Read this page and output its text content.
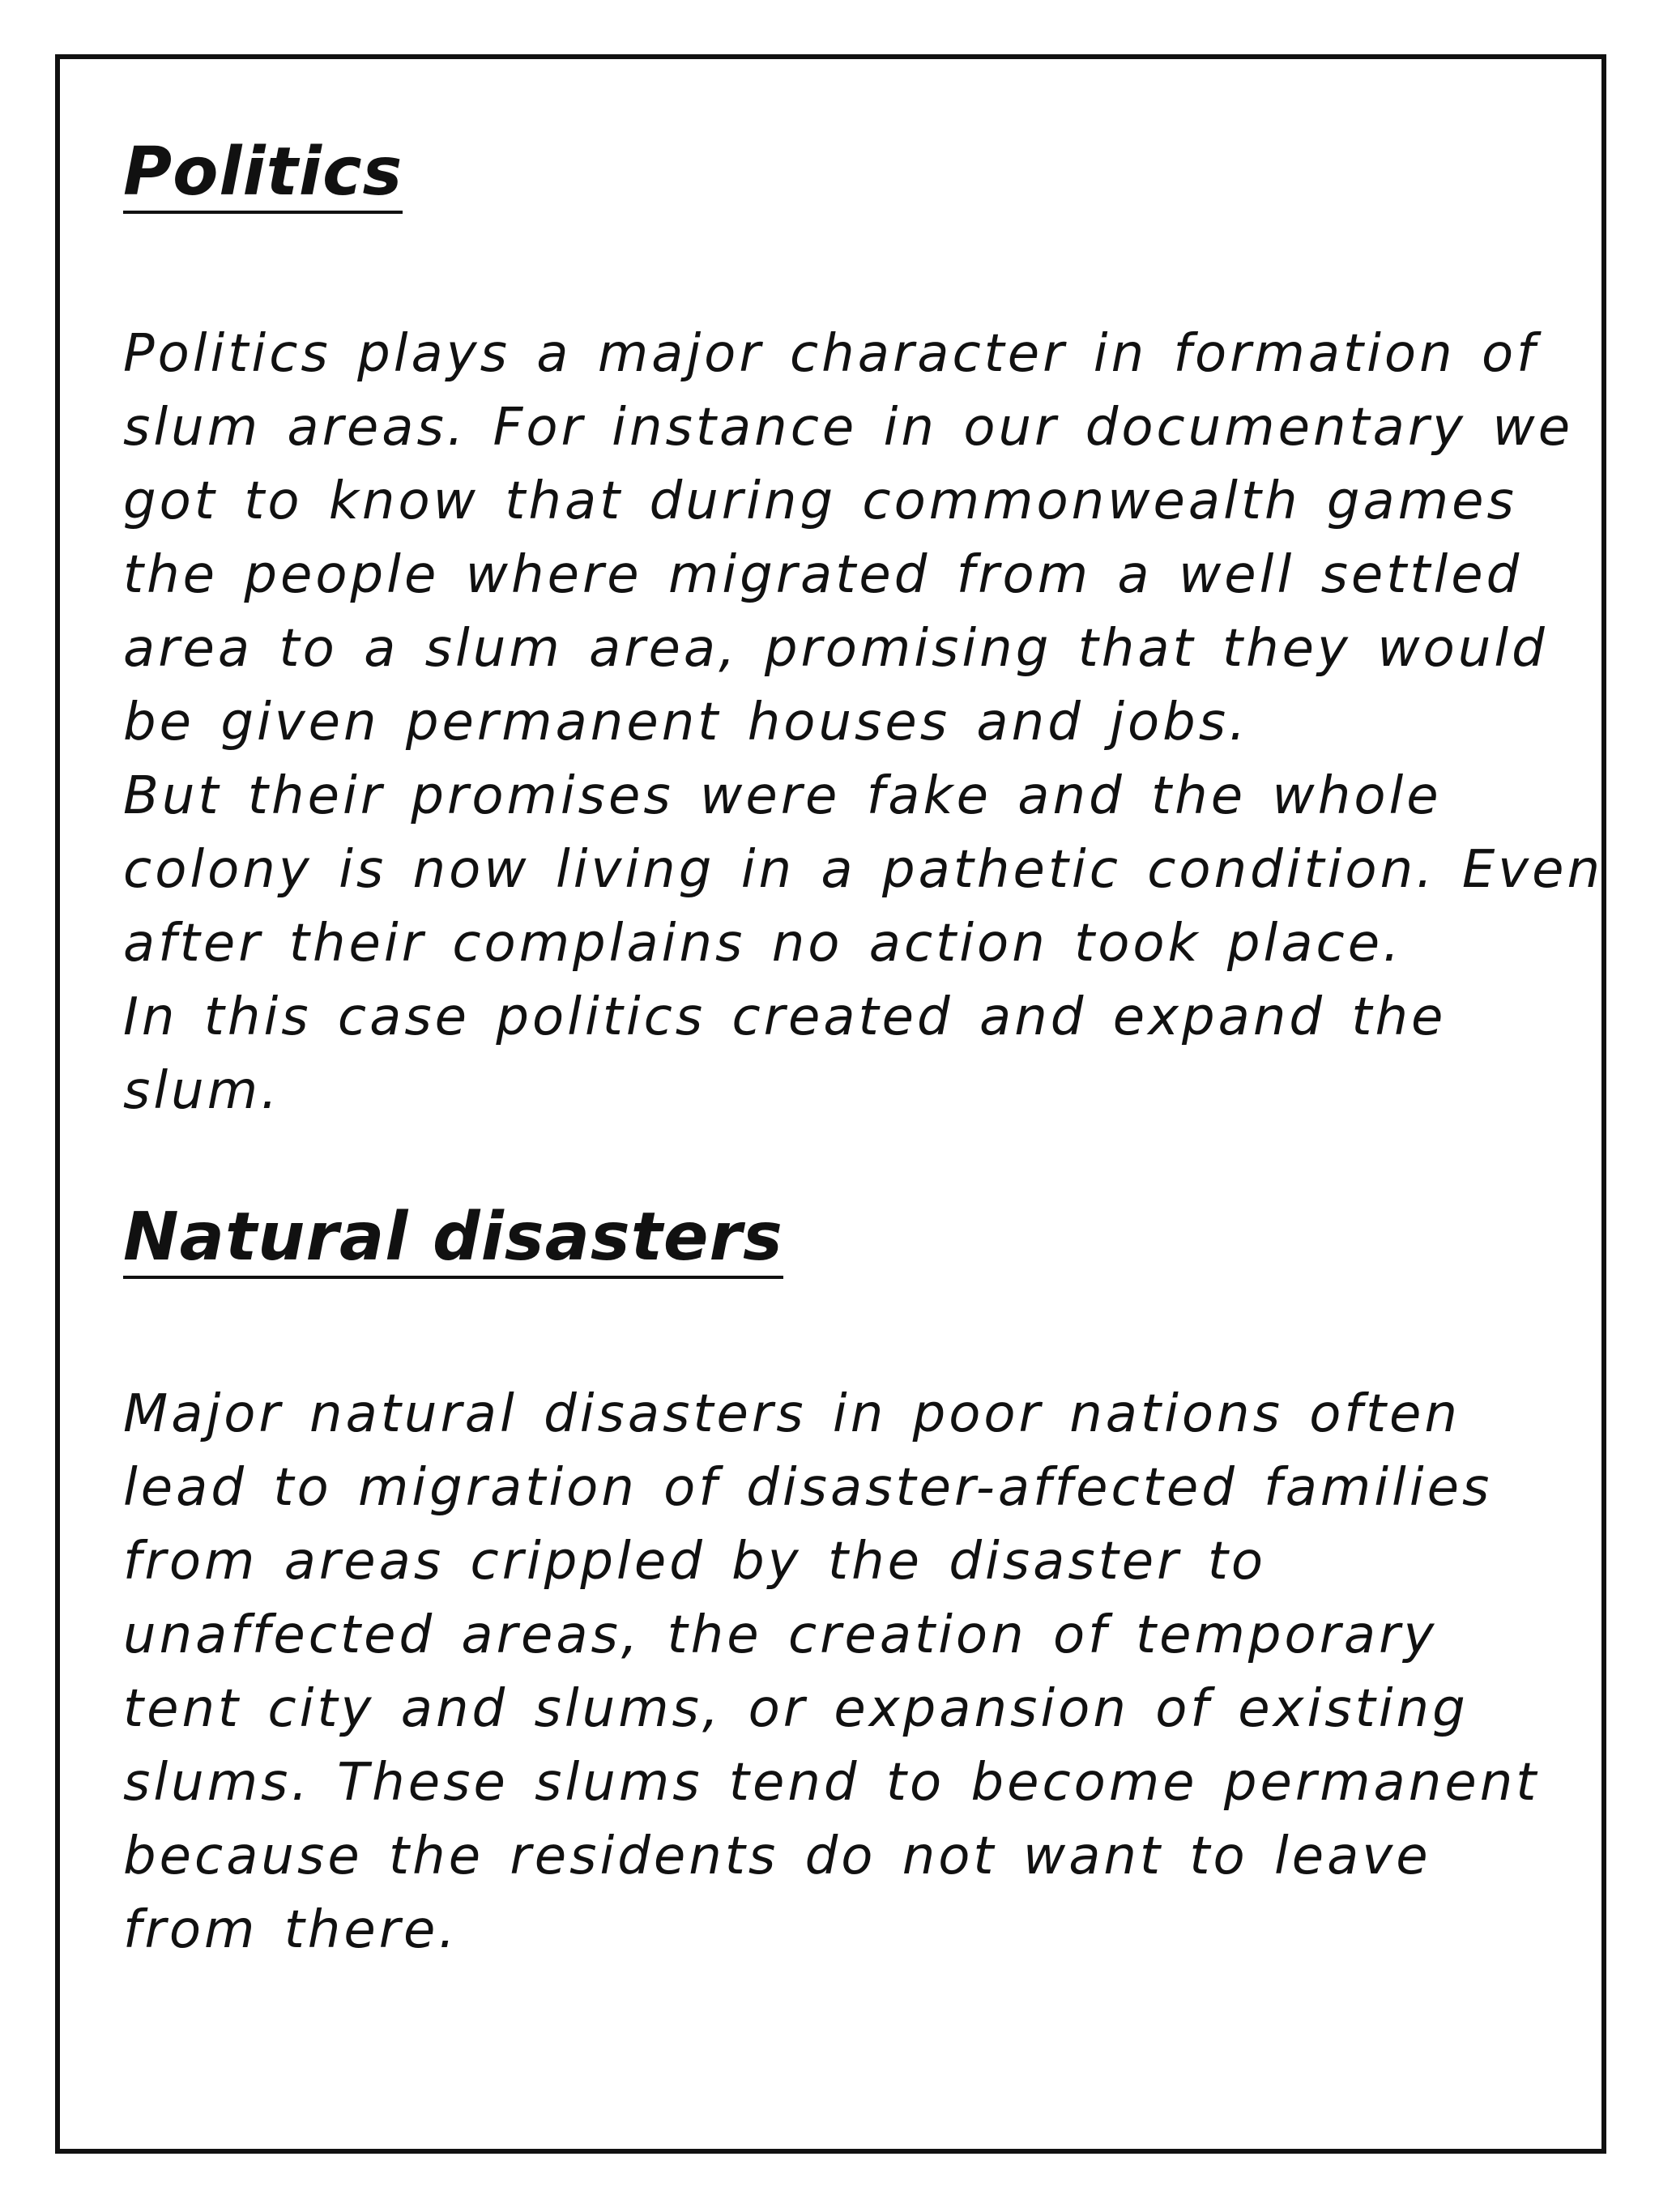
Politics
Politics plays a major character in formation of
slum areas. For instance in our documentary we
got to know that during commonwealth games
the people where migrated from a well settled
area to a slum area, promising that they would
be given permanent houses and jobs.
But their promises were fake and the whole
colony is now living in a pathetic condition. Even
after their complains no action took place.
In this case politics created and expand the
slum.
Natural disasters
Major natural disasters in poor nations often
lead to migration of disaster-affected families
from areas crippled by the disaster to
unaffected areas, the creation of temporary
tent city and slums, or expansion of existing
slums. These slums tend to become permanent
because the residents do not want to leave
from there.
